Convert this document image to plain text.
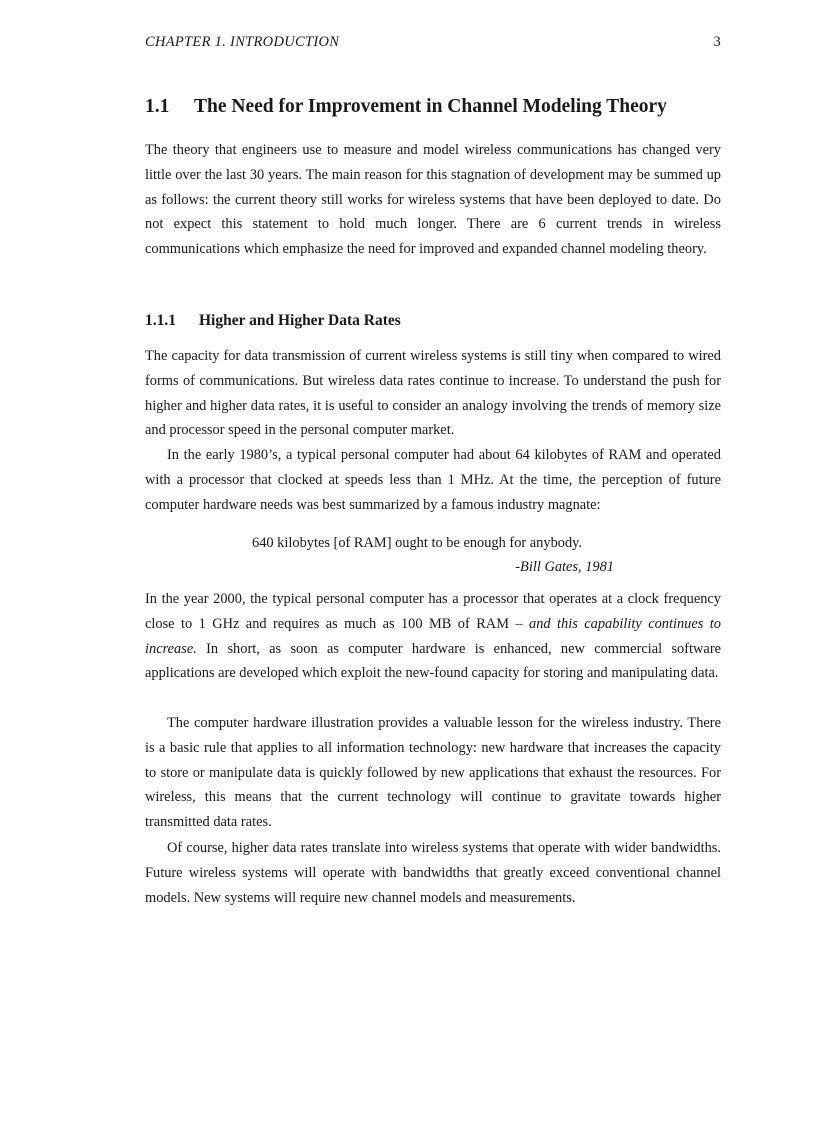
CHAPTER 1. INTRODUCTION	3
1.1 The Need for Improvement in Channel Modeling Theory

The theory that engineers use to measure and model wireless communications has changed very little over the last 30 years. The main reason for this stagnation of development may be summed up as follows: the current theory still works for wireless systems that have been deployed to date. Do not expect this statement to hold much longer. There are 6 current trends in wireless communications which emphasize the need for improved and expanded channel modeling theory.

1.1.1 Higher and Higher Data Rates

The capacity for data transmission of current wireless systems is still tiny when compared to wired forms of communications. But wireless data rates continue to increase. To understand the push for higher and higher data rates, it is useful to consider an analogy involving the trends of memory size and processor speed in the personal computer market.

In the early 1980’s, a typical personal computer had about 64 kilobytes of RAM and operated with a processor that clocked at speeds less than 1 MHz. At the time, the perception of future computer hardware needs was best summarized by a famous industry magnate:

640 kilobytes [of RAM] ought to be enough for anybody.
-Bill Gates, 1981

In the year 2000, the typical personal computer has a processor that operates at a clock frequency close to 1 GHz and requires as much as 100 MB of RAM – and this capability continues to increase. In short, as soon as computer hardware is enhanced, new commercial software applications are developed which exploit the new-found capacity for storing and manipulating data.

The computer hardware illustration provides a valuable lesson for the wireless industry. There is a basic rule that applies to all information technology: new hardware that increases the capacity to store or manipulate data is quickly followed by new applications that exhaust the resources. For wireless, this means that the current technology will continue to gravitate towards higher transmitted data rates.

Of course, higher data rates translate into wireless systems that operate with wider bandwidths. Future wireless systems will operate with bandwidths that greatly exceed conventional channel models. New systems will require new channel models and measurements.
